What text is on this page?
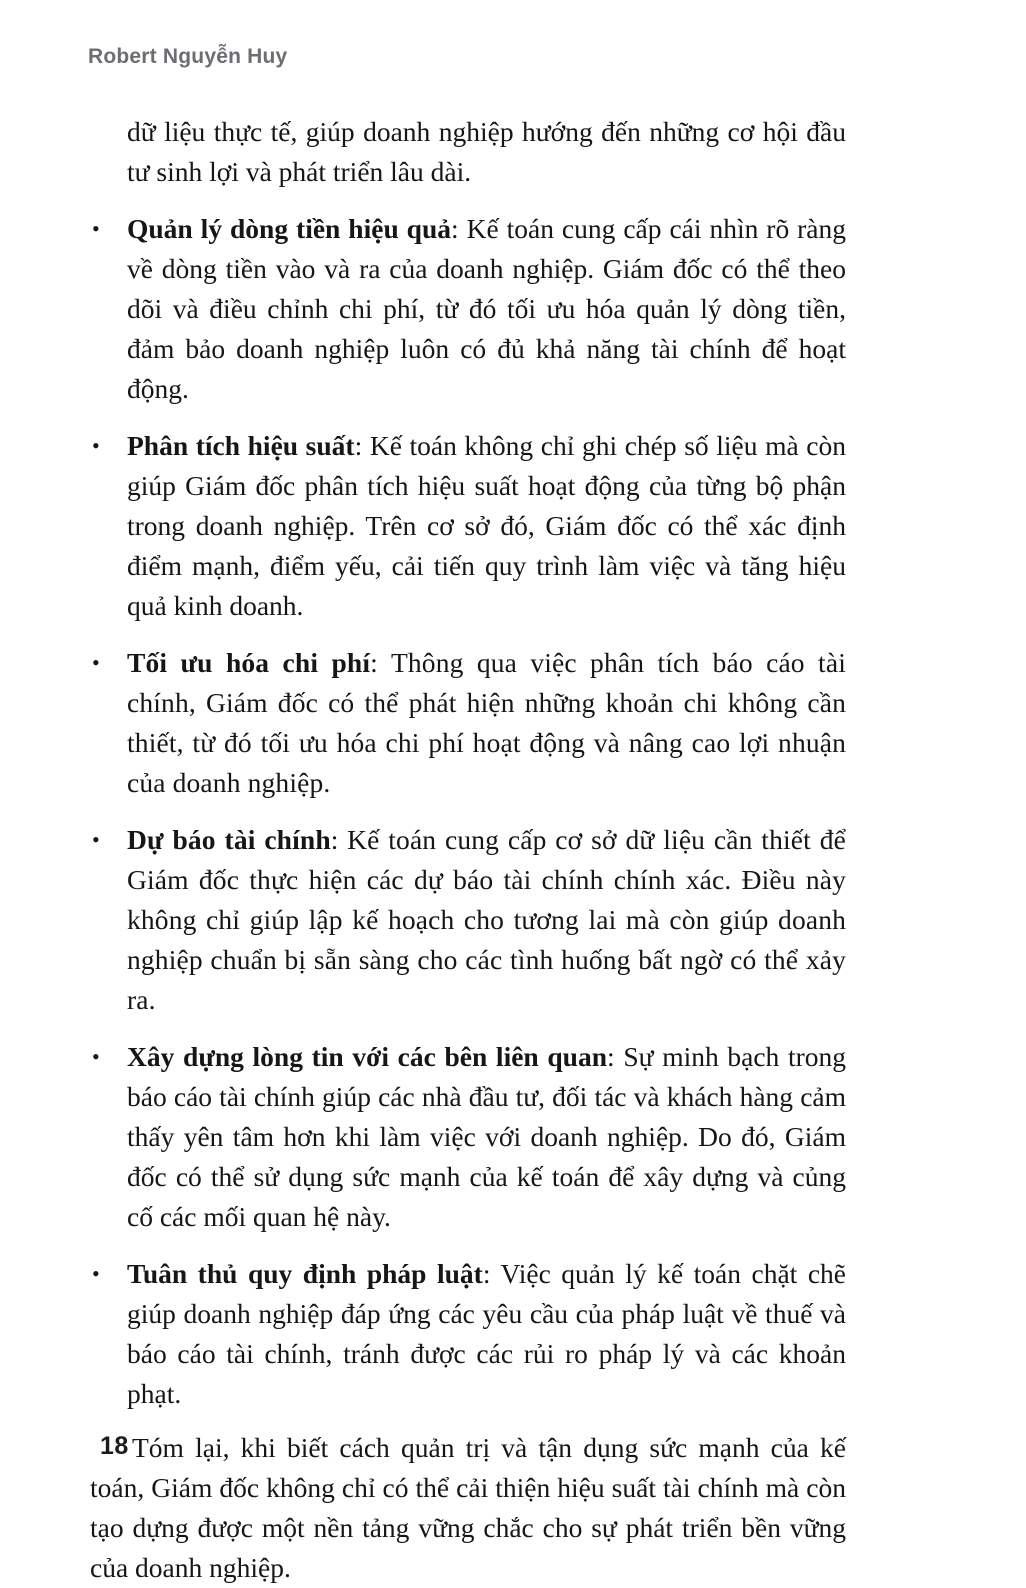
Robert Nguyễn Huy

dữ liệu thực tế, giúp doanh nghiệp hướng đến những cơ hội đầu tư sinh lợi và phát triển lâu dài.

• Quản lý dòng tiền hiệu quả: Kế toán cung cấp cái nhìn rõ ràng về dòng tiền vào và ra của doanh nghiệp. Giám đốc có thể theo dõi và điều chỉnh chi phí, từ đó tối ưu hóa quản lý dòng tiền, đảm bảo doanh nghiệp luôn có đủ khả năng tài chính để hoạt động.
• Phân tích hiệu suất: Kế toán không chỉ ghi chép số liệu mà còn giúp Giám đốc phân tích hiệu suất hoạt động của từng bộ phận trong doanh nghiệp. Trên cơ sở đó, Giám đốc có thể xác định điểm mạnh, điểm yếu, cải tiến quy trình làm việc và tăng hiệu quả kinh doanh.
• Tối ưu hóa chi phí: Thông qua việc phân tích báo cáo tài chính, Giám đốc có thể phát hiện những khoản chi không cần thiết, từ đó tối ưu hóa chi phí hoạt động và nâng cao lợi nhuận của doanh nghiệp.
• Dự báo tài chính: Kế toán cung cấp cơ sở dữ liệu cần thiết để Giám đốc thực hiện các dự báo tài chính chính xác. Điều này không chỉ giúp lập kế hoạch cho tương lai mà còn giúp doanh nghiệp chuẩn bị sẵn sàng cho các tình huống bất ngờ có thể xảy ra.
• Xây dựng lòng tin với các bên liên quan: Sự minh bạch trong báo cáo tài chính giúp các nhà đầu tư, đối tác và khách hàng cảm thấy yên tâm hơn khi làm việc với doanh nghiệp. Do đó, Giám đốc có thể sử dụng sức mạnh của kế toán để xây dựng và củng cố các mối quan hệ này.
• Tuân thủ quy định pháp luật: Việc quản lý kế toán chặt chẽ giúp doanh nghiệp đáp ứng các yêu cầu của pháp luật về thuế và báo cáo tài chính, tránh được các rủi ro pháp lý và các khoản phạt.

Tóm lại, khi biết cách quản trị và tận dụng sức mạnh của kế toán, Giám đốc không chỉ có thể cải thiện hiệu suất tài chính mà còn tạo dựng được một nền tảng vững chắc cho sự phát triển bền vững của doanh nghiệp.

18
